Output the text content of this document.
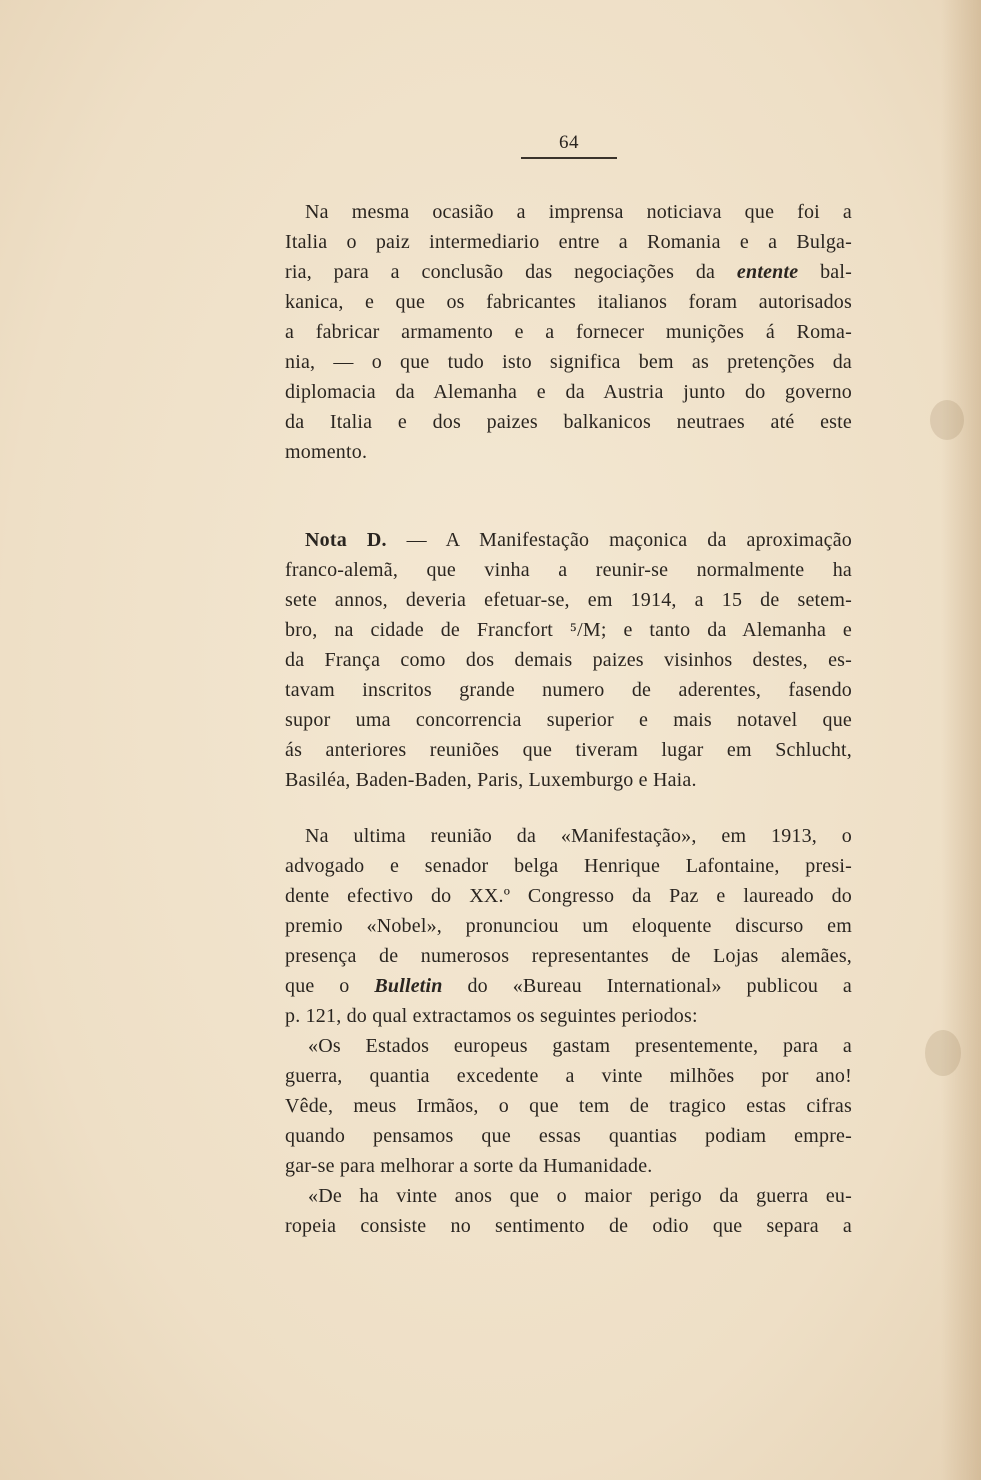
64
Na mesma ocasião a imprensa noticiava que foi a
Italia o paiz intermediario entre a Romania e a Bulga-
ria, para a conclusão das negociações da entente bal-
kanica, e que os fabricantes italianos foram autorisados
a fabricar armamento e a fornecer munições á Roma-
nia, — o que tudo isto significa bem as pretenções da
diplomacia da Alemanha e da Austria junto do governo
da Italia e dos paizes balkanicos neutraes até este
momento.
Nota D. — A Manifestação maçonica da aproximação
franco-alemã, que vinha a reunir-se normalmente ha
sete annos, deveria efetuar-se, em 1914, a 15 de setem-
bro, na cidade de Francfort ⁵/M; e tanto da Alemanha e
da França como dos demais paizes visinhos destes, es-
tavam inscritos grande numero de aderentes, fasendo
supor uma concorrencia superior e mais notavel que
ás anteriores reuniões que tiveram lugar em Schlucht,
Basiléa, Baden-Baden, Paris, Luxemburgo e Haia.
Na ultima reunião da «Manifestação», em 1913, o
advogado e senador belga Henrique Lafontaine, presi-
dente efectivo do XX.º Congresso da Paz e laureado do
premio «Nobel», pronunciou um eloquente discurso em
presença de numerosos representantes de Lojas alemães,
que o Bulletin do «Bureau International» publicou a
p. 121, do qual extractamos os seguintes periodos:
«Os Estados europeus gastam presentemente, para a
guerra, quantia excedente a vinte milhões por ano!
Vêde, meus Irmãos, o que tem de tragico estas cifras
quando pensamos que essas quantias podiam empre-
gar-se para melhorar a sorte da Humanidade.
«De ha vinte anos que o maior perigo da guerra eu-
ropeia consiste no sentimento de odio que separa a
